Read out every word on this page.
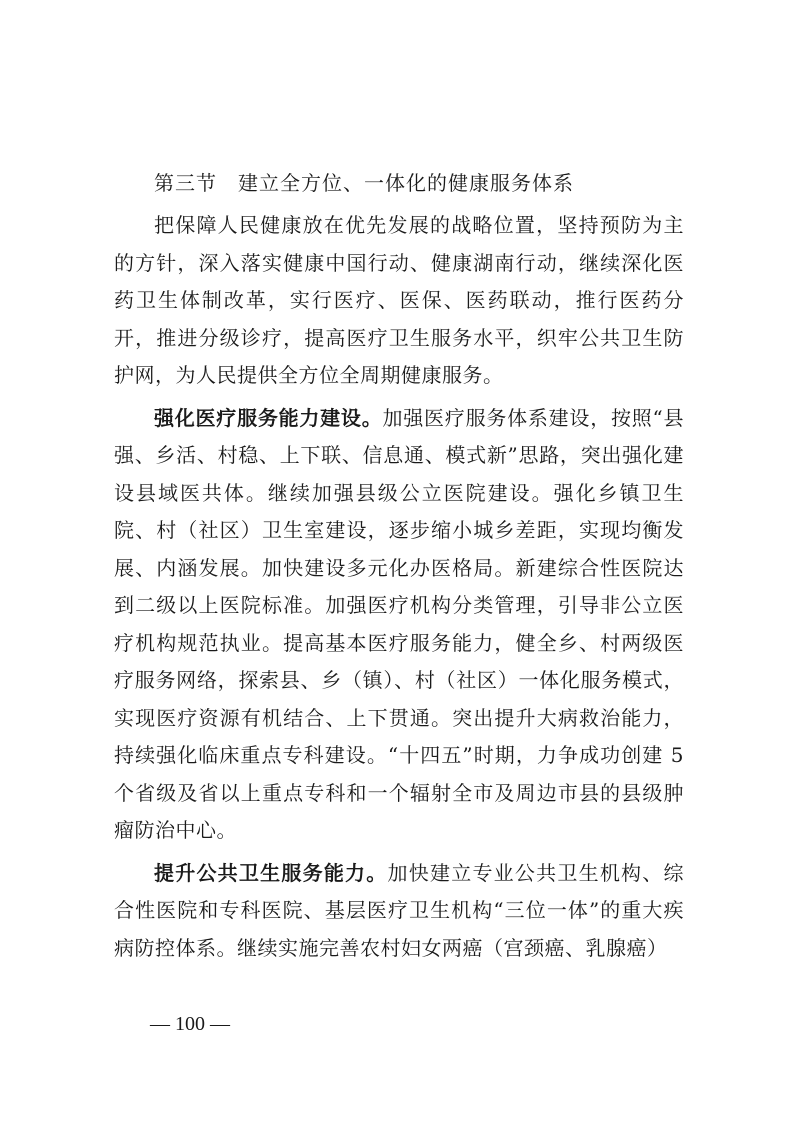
第三节　建立全方位、一体化的健康服务体系

把保障人民健康放在优先发展的战略位置，坚持预防为主的方针，深入落实健康中国行动、健康湖南行动，继续深化医药卫生体制改革，实行医疗、医保、医药联动，推行医药分开，推进分级诊疗，提高医疗卫生服务水平，织牢公共卫生防护网，为人民提供全方位全周期健康服务。

强化医疗服务能力建设。加强医疗服务体系建设，按照“县强、乡活、村稳、上下联、信息通、模式新”思路，突出强化建设县域医共体。继续加强县级公立医院建设。强化乡镇卫生院、村（社区）卫生室建设，逐步缩小城乡差距，实现均衡发展、内涵发展。加快建设多元化办医格局。新建综合性医院达到二级以上医院标准。加强医疗机构分类管理，引导非公立医疗机构规范执业。提高基本医疗服务能力，健全乡、村两级医疗服务网络，探索县、乡（镇）、村（社区）一体化服务模式，实现医疗资源有机结合、上下贯通。突出提升大病救治能力，持续强化临床重点专科建设。“十四五”时期，力争成功创建 5 个省级及省以上重点专科和一个辐射全市及周边市县的县级肿瘤防治中心。

提升公共卫生服务能力。加快建立专业公共卫生机构、综合性医院和专科医院、基层医疗卫生机构“三位一体”的重大疾病防控体系。继续实施完善农村妇女两癌（宫颈癌、乳腺癌）

— 100 —
